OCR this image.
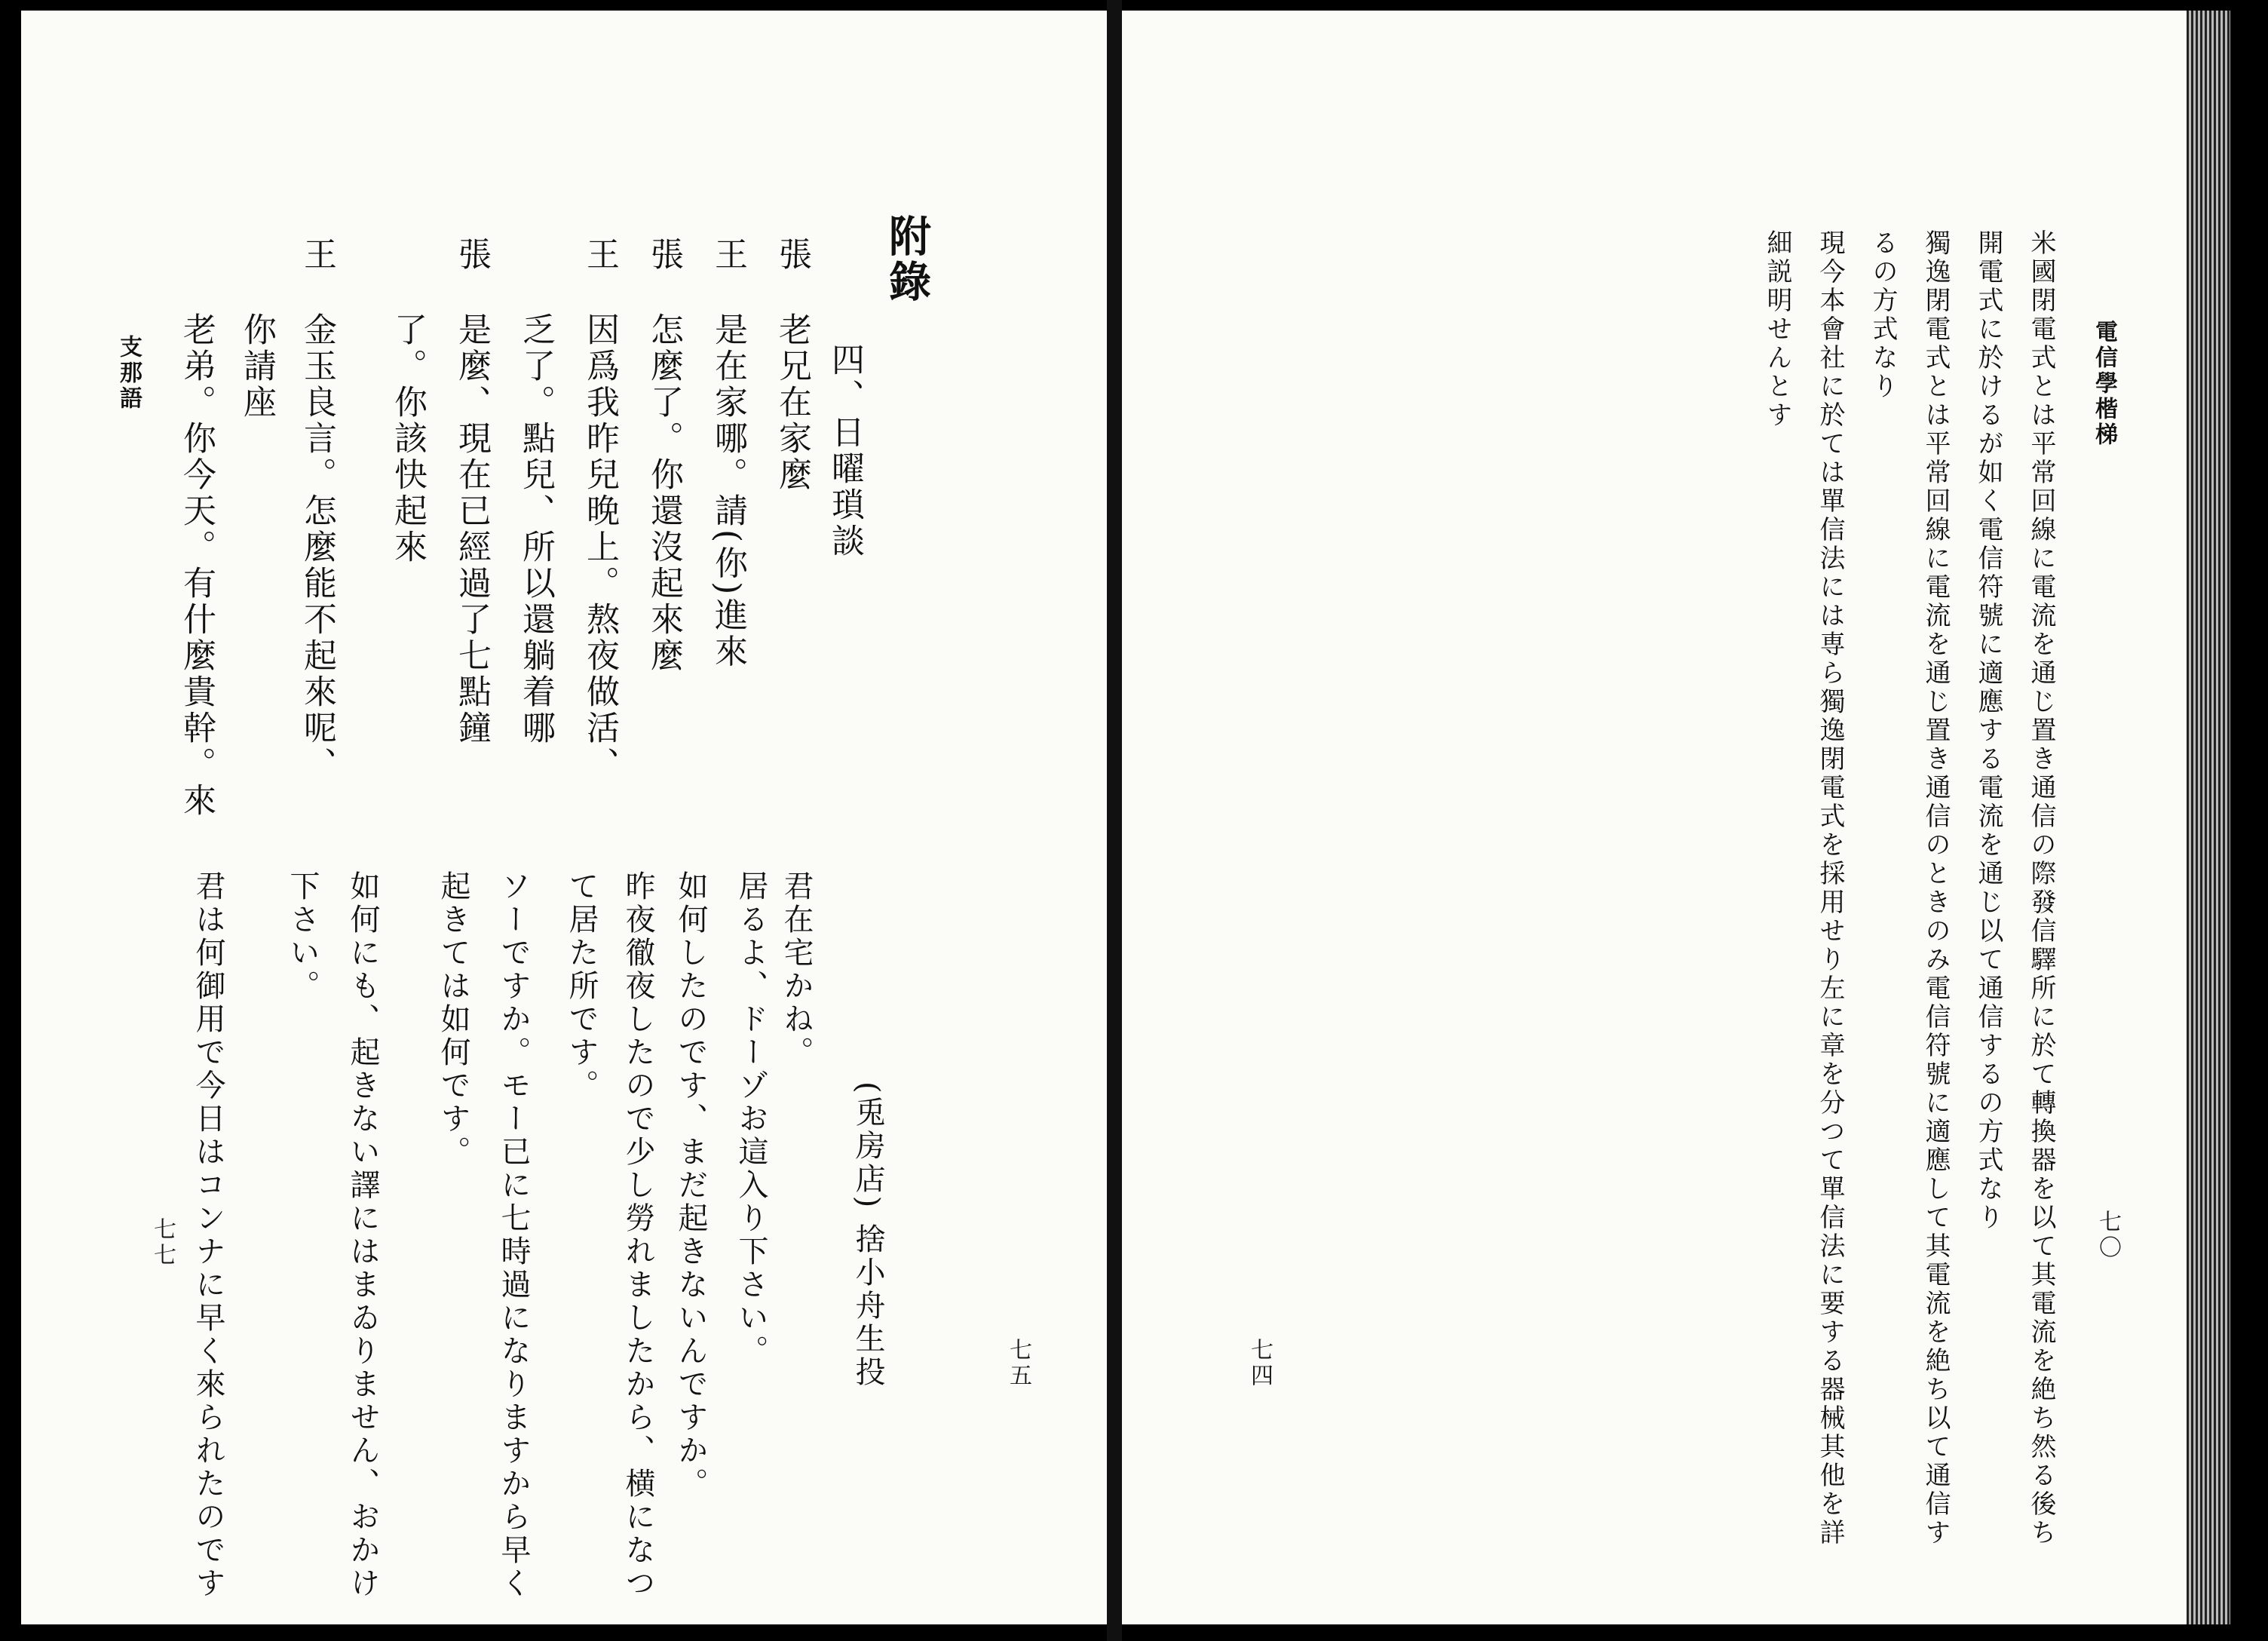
附錄
四、日曜瑣談
張
老兄在家麼
王
是在家哪。請(你)進來
張
怎麼了。你還沒起來麼
王
因爲我昨兒晚上。熬夜做活、
乏了。點兒、所以還躺着哪
張
是麼、現在已經過了七點鐘
了。你該快起來
王
金玉良言。怎麼能不起來呢、
你請座
老弟。你今天。有什麼貴幹。來
(兎房店) 捨小舟生投
君在宅かね。
居るよ、ドーゾお這入り下さい。
如何したのです、まだ起きないんですか。
昨夜徹夜したので少し勞れましたから、横になつ
て居た所です。
ソーですか。モー已に七時過になりますから早く
起きては如何です。
如何にも、起きない譯にはまゐりません、おかけ
下さい。
君は何御用で今日はコンナに早く來られたのです	七五
七七
支那語	電信學楷梯
七〇
米國閉電式とは平常回線に電流を通じ置き通信の際發信驛所に於て轉換器を以て其電流を絶ち然る後ち
開電式に於けるが如く電信符號に適應する電流を通じ以て通信するの方式なり
獨逸閉電式とは平常回線に電流を通じ置き通信のときのみ電信符號に適應して其電流を絶ち以て通信す
るの方式なり
現今本會社に於ては單信法には専ら獨逸閉電式を採用せり左に章を分つて單信法に要する器械其他を詳
細説明せんとす
七四
